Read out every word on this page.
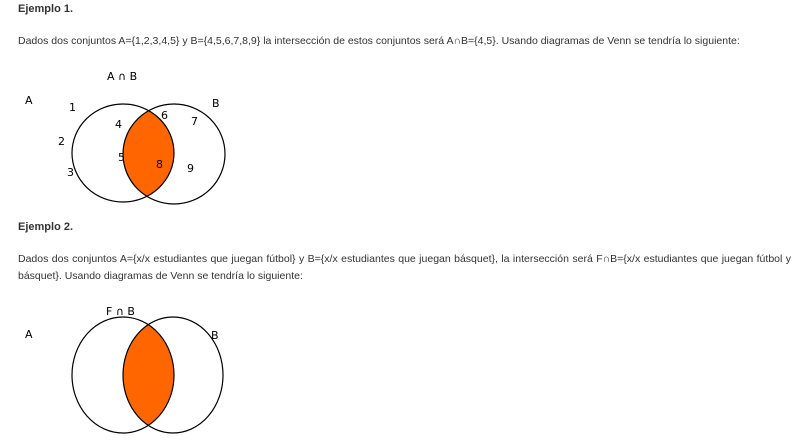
Ejemplo 1.

Dados dos conjuntos A={1,2,3,4,5} y B={4,5,6,7,8,9} la intersección de estos conjuntos será A∩B={4,5}. Usando diagramas de Venn se tendría lo siguiente:

A ∩ B
A	B
1
2
3
4
5
6 7
8 9
Ejemplo 2.

Dados dos conjuntos A={x/x estudiantes que juegan fútbol} y B={x/x estudiantes que juegan básquet}, la intersección será F∩B={x/x estudiantes que juegan fútbol y básquet}. Usando diagramas de Venn se tendría lo siguiente:

F ∩ B
A	B
